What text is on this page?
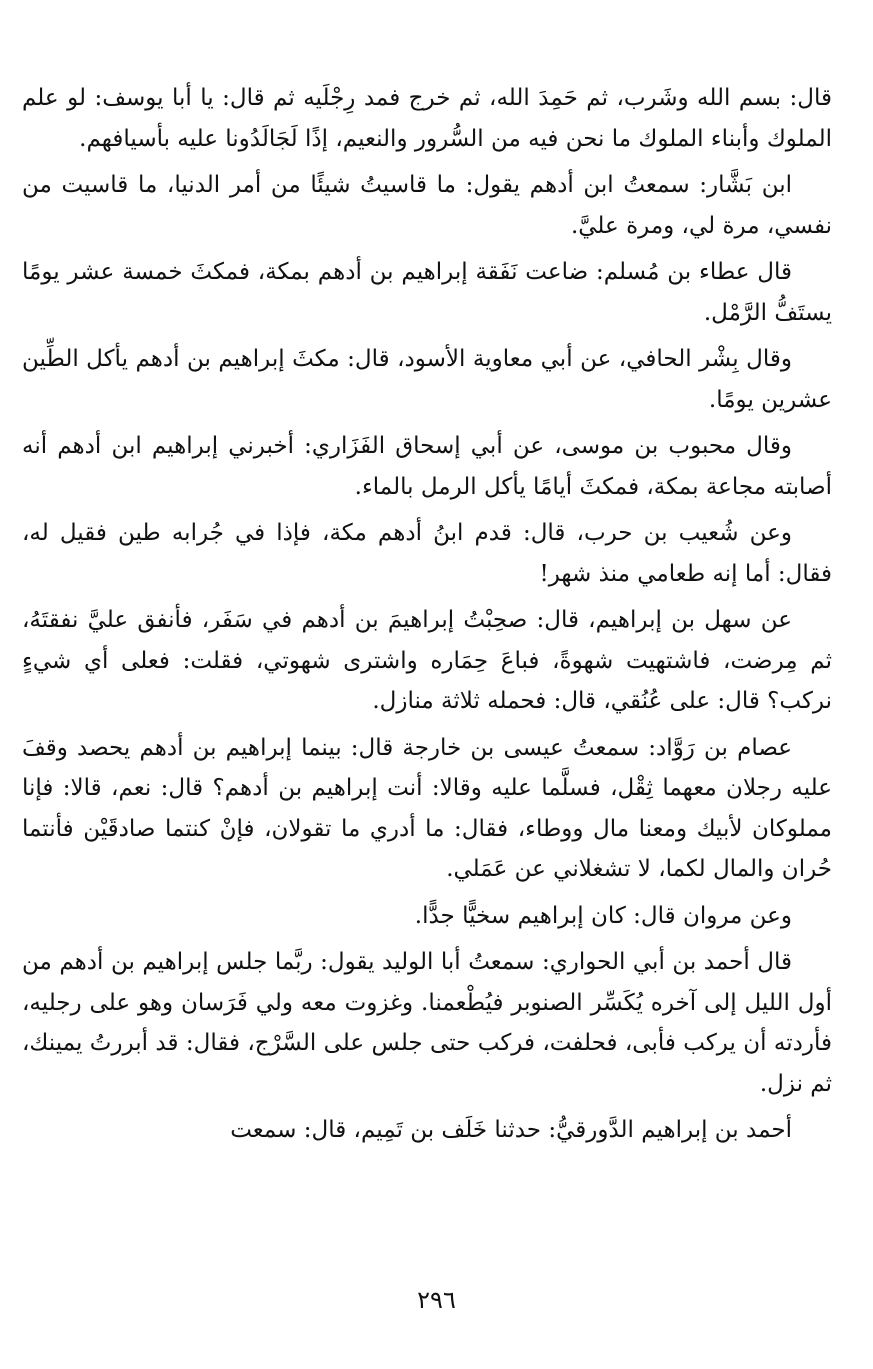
قال: بسم الله وشَرب، ثم حَمِدَ الله، ثم خرج فمد رِجْلَيه ثم قال: يا أبا يوسف: لو علم الملوك وأبناء الملوك ما نحن فيه من السُّرور والنعيم، إذًا لَجَالَدُونا عليه بأسيافهم.

ابن بَشَّار: سمعتُ ابن أدهم يقول: ما قاسيتُ شيئًا من أمر الدنيا، ما قاسيت من نفسي، مرة لي، ومرة عليَّ.

قال عطاء بن مُسلم: ضاعت نَفَقة إبراهيم بن أدهم بمكة، فمكثَ خمسة عشر يومًا يستَفُّ الرَّمْل.

وقال بِشْر الحافي، عن أبي معاوية الأسود، قال: مكثَ إبراهيم بن أدهم يأكل الطِّين عشرين يومًا.

وقال محبوب بن موسى، عن أبي إسحاق الفَزَاري: أخبرني إبراهيم ابن أدهم أنه أصابته مجاعة بمكة، فمكثَ أيامًا يأكل الرمل بالماء.

وعن شُعيب بن حرب، قال: قدم ابنُ أدهم مكة، فإذا في جُرابه طين فقيل له، فقال: أما إنه طعامي منذ شهر!

عن سهل بن إبراهيم، قال: صحِبْتُ إبراهيمَ بن أدهم في سَفَر، فأنفق عليَّ نفقتَهُ، ثم مِرضت، فاشتهيت شهوةً، فباعَ حِمَاره واشترى شهوتي، فقلت: فعلى أي شيءٍ نركب؟ قال: على عُنُقي، قال: فحمله ثلاثة منازل.

عصام بن رَوَّاد: سمعتُ عيسى بن خارجة قال: بينما إبراهيم بن أدهم يحصد وقفَ عليه رجلان معهما ثِقْل، فسلَّما عليه وقالا: أنت إبراهيم بن أدهم؟ قال: نعم، قالا: فإنا مملوكان لأبيك ومعنا مال ووطاء، فقال: ما أدري ما تقولان، فإنْ كنتما صادقَيْن فأنتما حُران والمال لكما، لا تشغلاني عن عَمَلي.

وعن مروان قال: كان إبراهيم سخيًّا جدًّا.

قال أحمد بن أبي الحواري: سمعتُ أبا الوليد يقول: ربَّما جلس إبراهيم بن أدهم من أول الليل إلى آخره يُكَسِّر الصنوبر فيُطْعمنا. وغزوت معه ولي فَرَسان وهو على رجليه، فأردته أن يركب فأبى، فحلفت، فركب حتى جلس على السَّرْج، فقال: قد أبررتُ يمينك، ثم نزل.

أحمد بن إبراهيم الدَّورقيُّ: حدثنا خَلَف بن تَمِيم، قال: سمعت

٢٩٦
